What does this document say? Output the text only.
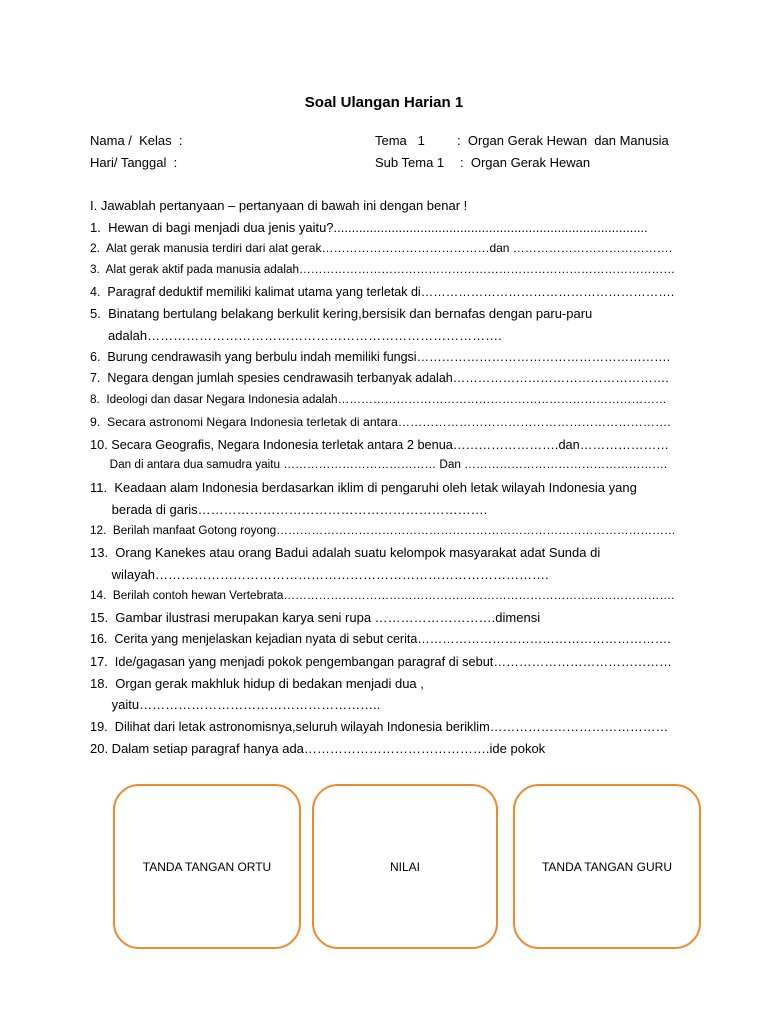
Soal Ulangan Harian 1
Nama /  Kelas  :
Hari/ Tanggal  :
Tema   1 :  Organ Gerak Hewan  dan Manusia
Sub Tema 1 :  Organ Gerak Hewan
I. Jawablah pertanyaan – pertanyaan di bawah ini dengan benar !
1.  Hewan di bagi menjadi dua jenis yaitu?.......................................................................................
2.  Alat gerak manusia terdiri dari alat gerak……………………………………dan ………………………………….
3.  Alat gerak aktif pada manusia adalah……………………………………………………………………………………
4.  Paragraf deduktif memiliki kalimat utama yang terletak di…………………………………………………….
5.  Binatang bertulang belakang berkulit kering,bersisik dan bernafas dengan paru-paru
adalah……………………………………………………………………….
6.  Burung cendrawasih yang berbulu indah memiliki fungsi…………………………………………………….
7.  Negara dengan jumlah spesies cendrawasih terbanyak adalah…………………………………………….
8.  Ideologi dan dasar Negara Indonesia adalah…………………………………………………………………………
9.  Secara astronomi Negara Indonesia terletak di antara………………………………………………………….
10. Secara Geografis, Negara Indonesia terletak antara 2 benua…………………….dan…………………
Dan di antara dua samudra yaitu ………………………………… Dan …………………………………………….
11.  Keadaan alam Indonesia berdasarkan iklim di pengaruhi oleh letak wilayah Indonesia yang
berada di garis………………………………………………………….
12.  Berilah manfaat Gotong royong…………………………………………………………………………………………
13.  Orang Kanekes atau orang Badui adalah suatu kelompok masyarakat adat Sunda di
wilayah……………………………………………………………………………….
14.  Berilah contoh hewan Vertebrata……………………………………………………………………………………….
15.  Gambar ilustrasi merupakan karya seni rupa ……………………….dimensi
16.  Cerita yang menjelaskan kejadian nyata di sebut cerita…………………………………………………….
17.  Ide/gagasan yang menjadi pokok pengembangan paragraf di sebut……………………………………
18.  Organ gerak makhluk hidup di bedakan menjadi dua ,
yaitu………………………………………………..
19.  Dilihat dari letak astronomisnya,seluruh wilayah Indonesia beriklim……………………………………
20. Dalam setiap paragraf hanya ada…………………………………….ide pokok
TANDA TANGAN ORTU	NILAI	TANDA TANGAN GURU
